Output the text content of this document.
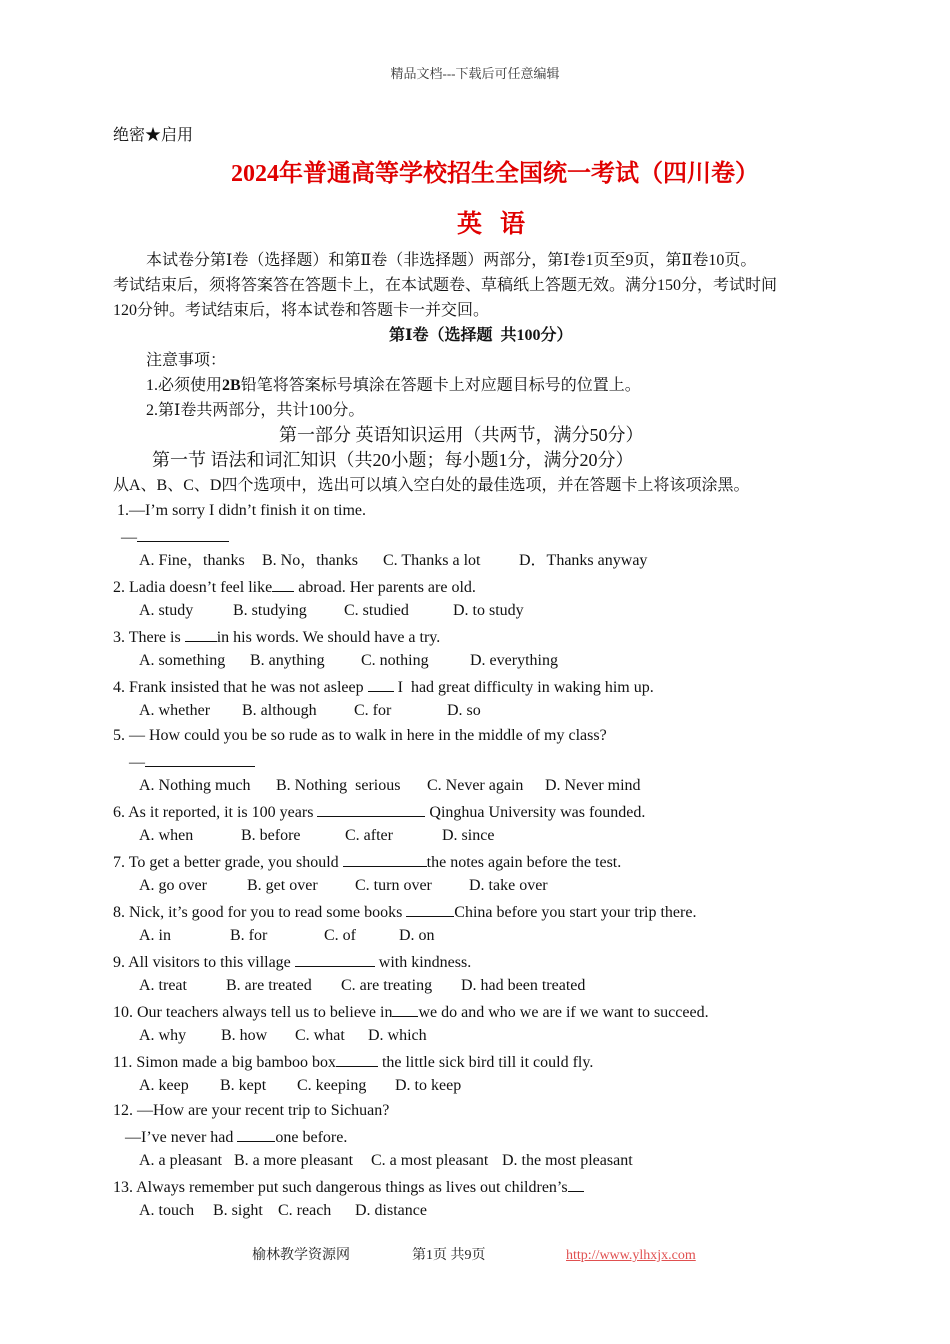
精品文档---下载后可任意编辑
绝密★启用
2024年普通高等学校招生全国统一考试（四川卷）
英语
本试卷分第Ⅰ卷（选择题）和第Ⅱ卷（非选择题）两部分，第Ⅰ卷1页至9页，第Ⅱ卷10页。
考试结束后，须将答案答在答题卡上，在本试题卷、草稿纸上答题无效。满分150分，考试时间
120分钟。考试结束后，将本试卷和答题卡一并交回。
第Ⅰ卷（选择题  共100分）
注意事项：
1.必须使用2B铅笔将答案标号填涂在答题卡上对应题目标号的位置上。
2.第Ⅰ卷共两部分，共计100分。
第一部分 英语知识运用（共两节，满分50分）
第一节 语法和词汇知识（共20小题；每小题1分，满分20分）
从A、B、C、D四个选项中，选出可以填入空白处的最佳选项，并在答题卡上将该项涂黑。
1.—I’m sorry I didn’t finish it on time.
—
A. Fine，thanks B. No，thanks C. Thanks a lot D．Thanks anyway
2. Ladia doesn’t feel like abroad. Her parents are old.
A. study B. studying C. studied	D. to study
3. There is in his words. We should have a try.
A. something B. anything C. nothing	D. everything
4. Frank insisted that he was not asleep  I  had great difficulty in waking him up.
A. whether B. although C. for	D. so
5. — How could you be so rude as to walk in here in the middle of my class?
—
A. Nothing much B. Nothing  serious C. Never again D. Never mind
6. As it reported, it is 100 years	Qinghua University was founded.
A. when	B. before	C. after	D. since
7. To get a better grade, you should	the notes again before the test.
A. go over	B. get over C. turn over D. take over
8. Nick, it’s good for you to read some books	China before you start your trip there.
A. in	B. for	C. of	D. on
9. All visitors to this village	with kindness.
A. treat B. are treated C. are treating D. had been treated
10. Our teachers always tell us to believe in we do and who we are if we want to succeed.
A. why B. how C. what D. which
11. Simon made a big bamboo box	the little sick bird till it could fly.
A. keep B. kept C. keeping D. to keep
12. —How are your recent trip to Sichuan?
—I’ve never had one before.
A. a pleasant B. a more pleasant C. a most pleasant D. the most pleasant
13. Always remember put such dangerous things as lives out children’s
A. touch B. sight C. reach D. distance
榆林教学资源网	第1页 共9页	http://www.ylhxjx.com
